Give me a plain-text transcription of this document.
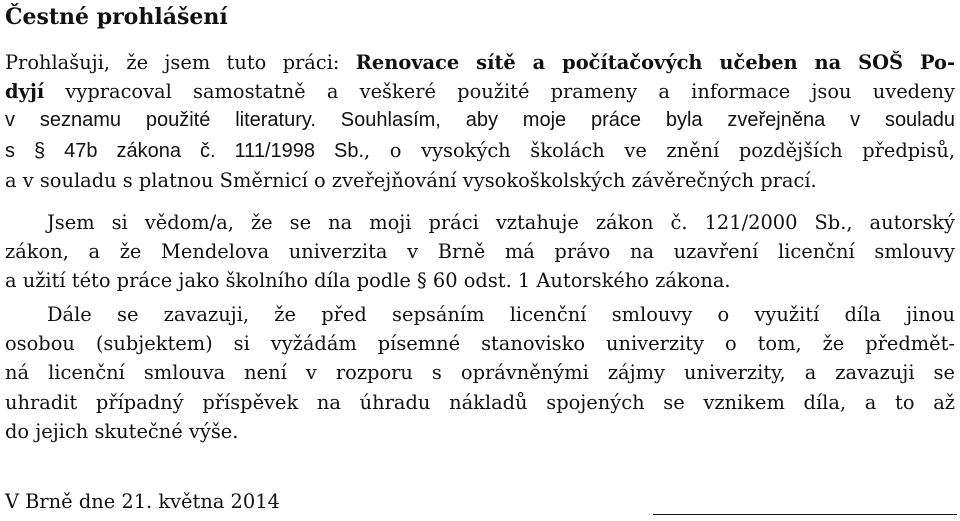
Čestné prohlášení
Prohlašuji, že jsem tuto práci: Renovace sítě a počítačových učeben na SOŠ Po-
dyjí vypracoval samostatně a veškeré použité prameny a informace jsou uvedeny
v seznamu použité literatury. Souhlasím, aby moje práce byla zveřejněna v souladu
s § 47b zákona č. 111/1998 Sb., o vysokých školách ve znění pozdějších předpisů,
a v souladu s platnou Směrnicí o zveřejňování vysokoškolských závěrečných prací.
Jsem si vědom/a, že se na moji práci vztahuje zákon č. 121/2000 Sb., autorský
zákon, a že Mendelova univerzita v Brně má právo na uzavření licenční smlouvy
a užití této práce jako školního díla podle § 60 odst. 1 Autorského zákona.
Dále se zavazuji, že před sepsáním licenční smlouvy o využití díla jinou
osobou (subjektem) si vyžádám písemné stanovisko univerzity o tom, že předmět-
ná licenční smlouva není v rozporu s oprávněnými zájmy univerzity, a zavazuji se
uhradit případný příspěvek na úhradu nákladů spojených se vznikem díla, a to až
do jejich skutečné výše.
V Brně dne 21. května 2014
